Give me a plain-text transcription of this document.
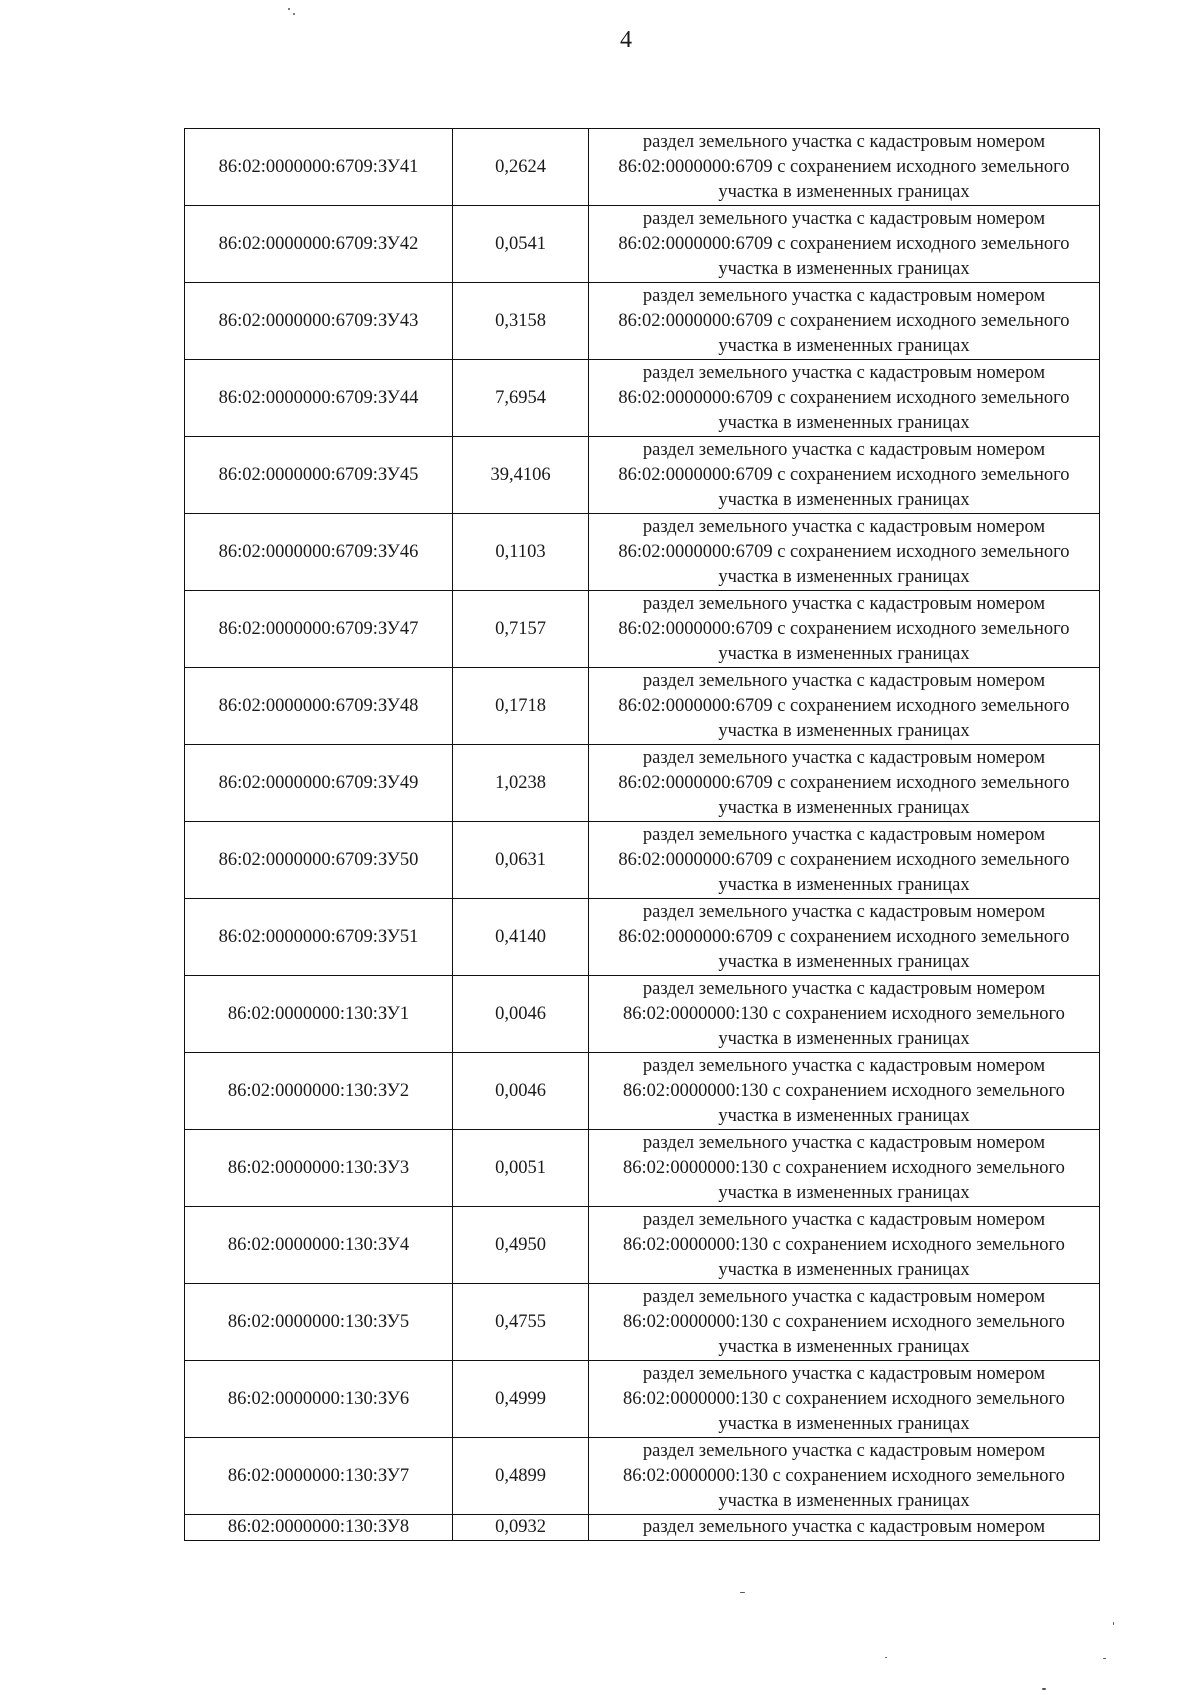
4
86:02:0000000:6709:ЗУ41	0,2624	раздел земельного участка с кадастровым номером 86:02:0000000:6709 с сохранением исходного земельного участка в измененных границах
86:02:0000000:6709:ЗУ42	0,0541	раздел земельного участка с кадастровым номером 86:02:0000000:6709 с сохранением исходного земельного участка в измененных границах
86:02:0000000:6709:ЗУ43	0,3158	раздел земельного участка с кадастровым номером 86:02:0000000:6709 с сохранением исходного земельного участка в измененных границах
86:02:0000000:6709:ЗУ44	7,6954	раздел земельного участка с кадастровым номером 86:02:0000000:6709 с сохранением исходного земельного участка в измененных границах
86:02:0000000:6709:ЗУ45	39,4106	раздел земельного участка с кадастровым номером 86:02:0000000:6709 с сохранением исходного земельного участка в измененных границах
86:02:0000000:6709:ЗУ46	0,1103	раздел земельного участка с кадастровым номером 86:02:0000000:6709 с сохранением исходного земельного участка в измененных границах
86:02:0000000:6709:ЗУ47	0,7157	раздел земельного участка с кадастровым номером 86:02:0000000:6709 с сохранением исходного земельного участка в измененных границах
86:02:0000000:6709:ЗУ48	0,1718	раздел земельного участка с кадастровым номером 86:02:0000000:6709 с сохранением исходного земельного участка в измененных границах
86:02:0000000:6709:ЗУ49	1,0238	раздел земельного участка с кадастровым номером 86:02:0000000:6709 с сохранением исходного земельного участка в измененных границах
86:02:0000000:6709:ЗУ50	0,0631	раздел земельного участка с кадастровым номером 86:02:0000000:6709 с сохранением исходного земельного участка в измененных границах
86:02:0000000:6709:ЗУ51	0,4140	раздел земельного участка с кадастровым номером 86:02:0000000:6709 с сохранением исходного земельного участка в измененных границах
86:02:0000000:130:ЗУ1	0,0046	раздел земельного участка с кадастровым номером 86:02:0000000:130 с сохранением исходного земельного участка в измененных границах
86:02:0000000:130:ЗУ2	0,0046	раздел земельного участка с кадастровым номером 86:02:0000000:130 с сохранением исходного земельного участка в измененных границах
86:02:0000000:130:ЗУ3	0,0051	раздел земельного участка с кадастровым номером 86:02:0000000:130 с сохранением исходного земельного участка в измененных границах
86:02:0000000:130:ЗУ4	0,4950	раздел земельного участка с кадастровым номером 86:02:0000000:130 с сохранением исходного земельного участка в измененных границах
86:02:0000000:130:ЗУ5	0,4755	раздел земельного участка с кадастровым номером 86:02:0000000:130 с сохранением исходного земельного участка в измененных границах
86:02:0000000:130:ЗУ6	0,4999	раздел земельного участка с кадастровым номером 86:02:0000000:130 с сохранением исходного земельного участка в измененных границах
86:02:0000000:130:ЗУ7	0,4899	раздел земельного участка с кадастровым номером 86:02:0000000:130 с сохранением исходного земельного участка в измененных границах
86:02:0000000:130:ЗУ8	0,0932	раздел земельного участка с кадастровым номером
